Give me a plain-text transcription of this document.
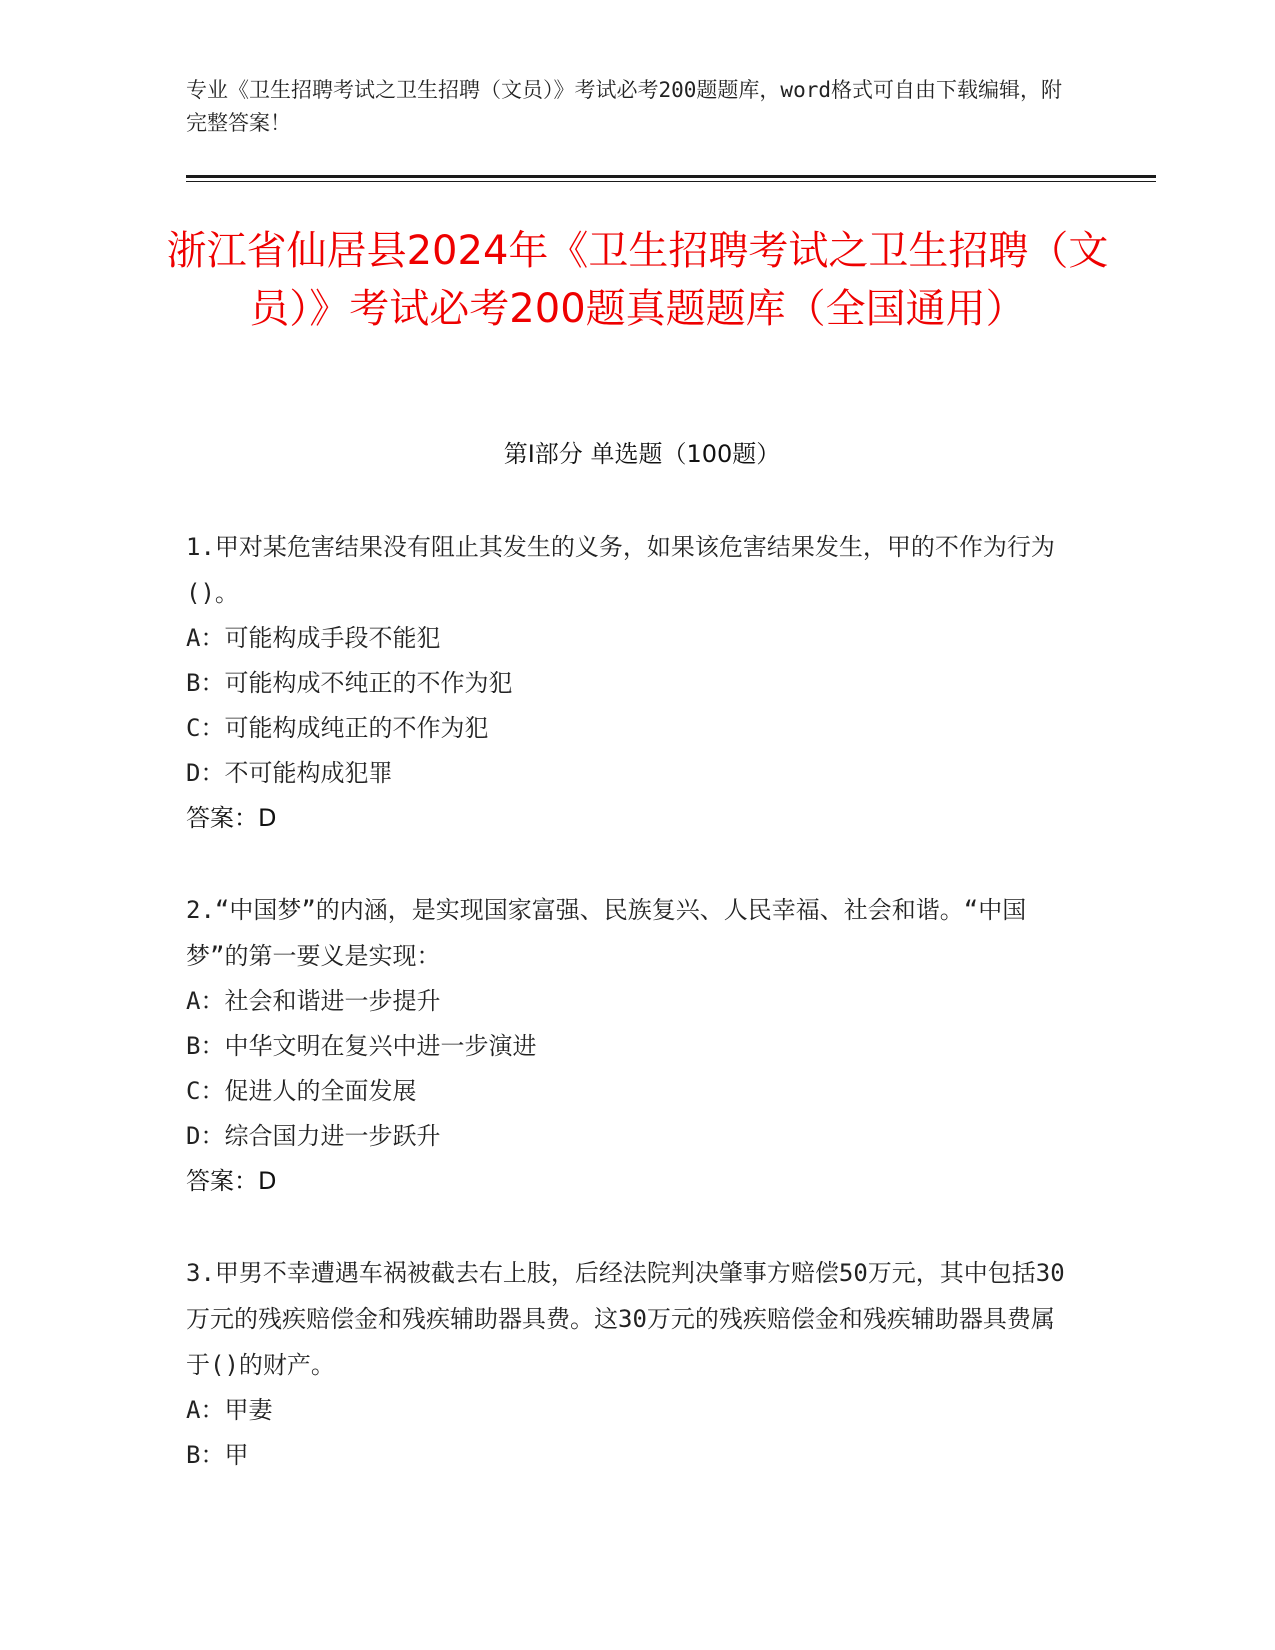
专业《卫生招聘考试之卫生招聘（文员）》考试必考200题题库，word格式可自由下载编辑，附完整答案！
浙江省仙居县2024年《卫生招聘考试之卫生招聘（文员）》考试必考200题真题题库（全国通用）
第I部分 单选题（100题）
1.甲对某危害结果没有阻止其发生的义务，如果该危害结果发生，甲的不作为行为()。
A：可能构成手段不能犯
B：可能构成不纯正的不作为犯
C：可能构成纯正的不作为犯
D：不可能构成犯罪
答案：D
2.“中国梦”的内涵，是实现国家富强、民族复兴、人民幸福、社会和谐。“中国梦”的第一要义是实现：
A：社会和谐进一步提升
B：中华文明在复兴中进一步演进
C：促进人的全面发展
D：综合国力进一步跃升
答案：D
3.甲男不幸遭遇车祸被截去右上肢，后经法院判决肇事方赔偿50万元，其中包括30万元的残疾赔偿金和残疾辅助器具费。这30万元的残疾赔偿金和残疾辅助器具费属于()的财产。
A：甲妻
B：甲
